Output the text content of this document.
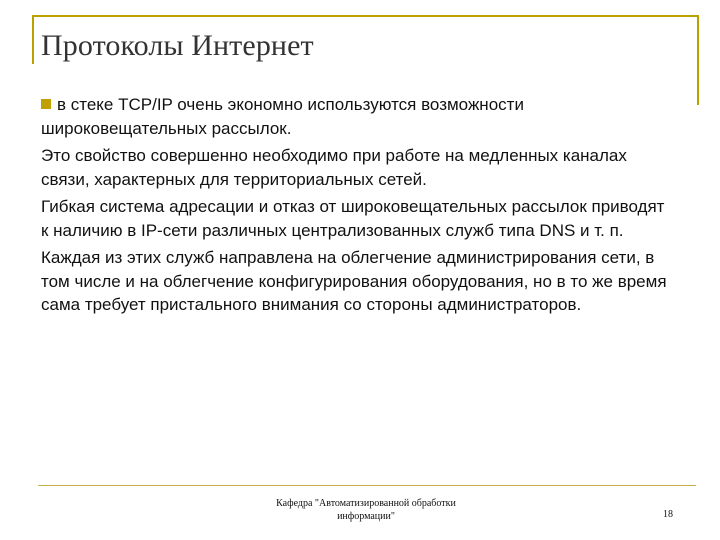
Протоколы Интернет

в стеке TCP/IP очень экономно используются возможности широковещательных рассылок.

Это свойство совершенно необходимо при работе на медленных каналах связи, характерных для территориальных сетей.

Гибкая система адресации и отказ от широковещательных рассылок приводят к наличию в IP-сети различных централизованных служб типа DNS и т. п.

Каждая из этих служб направлена на облегчение администрирования сети, в том числе и на облегчение конфигурирования оборудования, но в то же время сама требует пристального внимания со стороны администраторов.

Кафедра "Автоматизированной обработки
информации"	18
